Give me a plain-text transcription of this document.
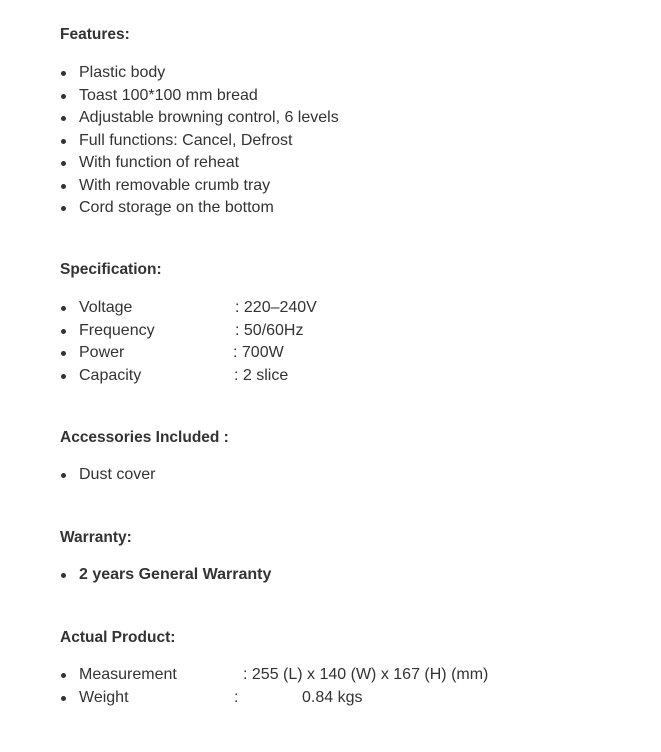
Features:
Plastic body
Toast 100*100 mm bread
Adjustable browning control, 6 levels
Full functions: Cancel, Defrost
With function of reheat
With removable crumb tray
Cord storage on the bottom
Specification:
Voltage	: 220–240V
Frequency	: 50/60Hz
Power	: 700W
Capacity	: 2 slice
Accessories Included :
Dust cover
Warranty:
2 years General Warranty
Actual Product:
Measurement	: 255 (L) x 140 (W) x 167 (H) (mm)
Weight	:	0.84 kgs
